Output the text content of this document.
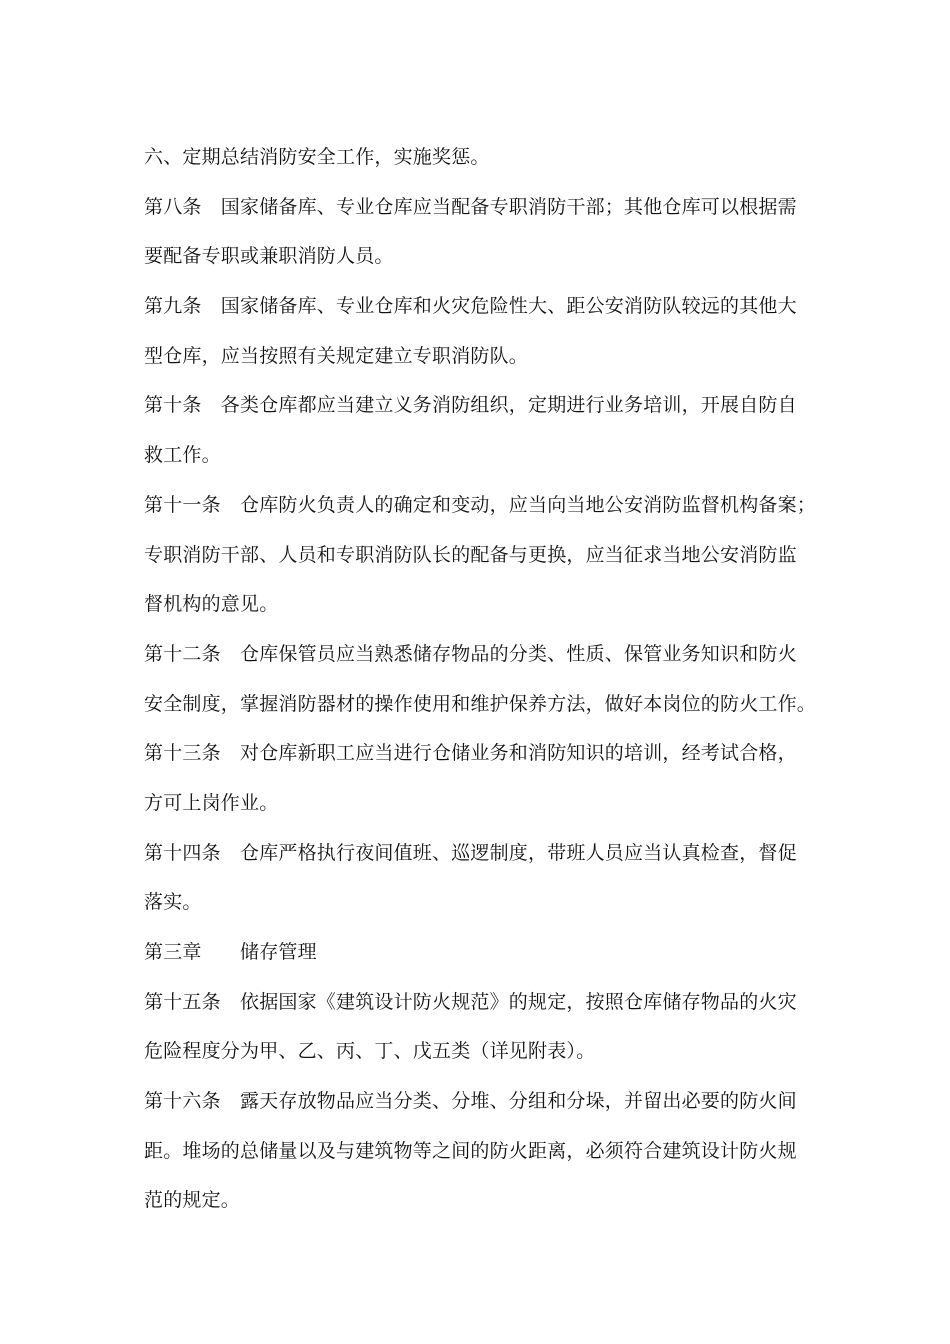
六、定期总结消防安全工作，实施奖惩。
第八条　国家储备库、专业仓库应当配备专职消防干部；其他仓库可以根据需
要配备专职或兼职消防人员。
第九条　国家储备库、专业仓库和火灾危险性大、距公安消防队较远的其他大
型仓库，应当按照有关规定建立专职消防队。
第十条　各类仓库都应当建立义务消防组织，定期进行业务培训，开展自防自
救工作。
第十一条　仓库防火负责人的确定和变动，应当向当地公安消防监督机构备案；
专职消防干部、人员和专职消防队长的配备与更换，应当征求当地公安消防监
督机构的意见。
第十二条　仓库保管员应当熟悉储存物品的分类、性质、保管业务知识和防火
安全制度，掌握消防器材的操作使用和维护保养方法，做好本岗位的防火工作。
第十三条　对仓库新职工应当进行仓储业务和消防知识的培训，经考试合格，
方可上岗作业。
第十四条　仓库严格执行夜间值班、巡逻制度，带班人员应当认真检查，督促
落实。
第三章　　储存管理
第十五条　依据国家《建筑设计防火规范》的规定，按照仓库储存物品的火灾
危险程度分为甲、乙、丙、丁、戊五类（详见附表）。
第十六条　露天存放物品应当分类、分堆、分组和分垛，并留出必要的防火间
距。堆场的总储量以及与建筑物等之间的防火距离，必须符合建筑设计防火规
范的规定。
